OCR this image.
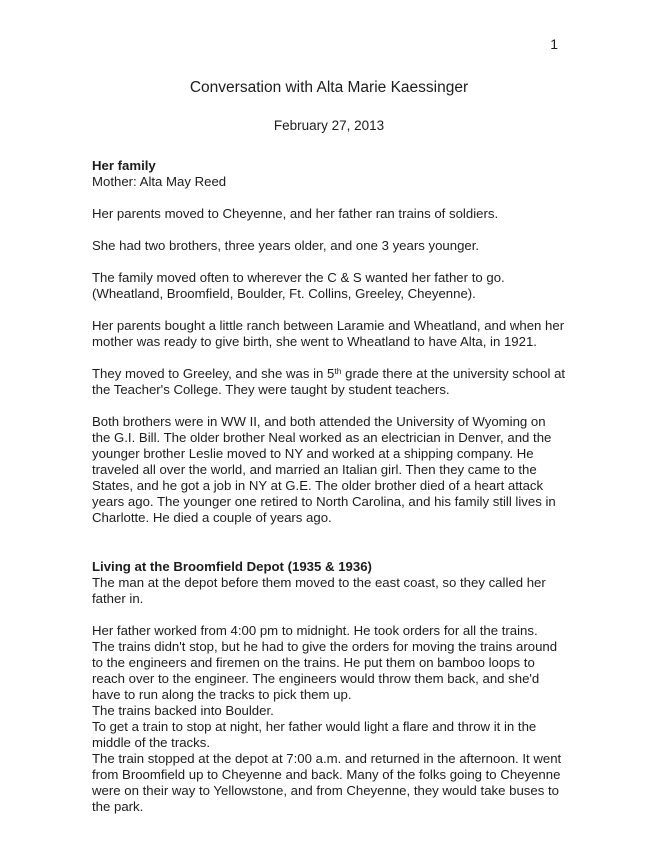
1
Conversation with Alta Marie Kaessinger
February 27, 2013

Her family

Mother: Alta May Reed

Her parents moved to Cheyenne, and her father ran trains of soldiers.

She had two brothers, three years older, and one 3 years younger.

The family moved often to wherever the C & S wanted her father to go.

(Wheatland, Broomfield, Boulder, Ft. Collins, Greeley, Cheyenne).

Her parents bought a little ranch between Laramie and Wheatland, and when her

mother was ready to give birth, she went to Wheatland to have Alta, in 1921.

They moved to Greeley, and she was in 5th grade there at the university school at

the Teacher's College. They were taught by student teachers.

Both brothers were in WW II, and both attended the University of Wyoming on

the G.I. Bill. The older brother Neal worked as an electrician in Denver, and the

younger brother Leslie moved to NY and worked at a shipping company. He

traveled all over the world, and married an Italian girl. Then they came to the

States, and he got a job in NY at G.E. The older brother died of a heart attack

years ago. The younger one retired to North Carolina, and his family still lives in

Charlotte. He died a couple of years ago.

Living at the Broomfield Depot (1935 & 1936)

The man at the depot before them moved to the east coast, so they called her

father in.

Her father worked from 4:00 pm to midnight. He took orders for all the trains.

The trains didn't stop, but he had to give the orders for moving the trains around

to the engineers and firemen on the trains. He put them on bamboo loops to

reach over to the engineer. The engineers would throw them back, and she'd

have to run along the tracks to pick them up.

The trains backed into Boulder.

To get a train to stop at night, her father would light a flare and throw it in the

middle of the tracks.

The train stopped at the depot at 7:00 a.m. and returned in the afternoon. It went

from Broomfield up to Cheyenne and back. Many of the folks going to Cheyenne

were on their way to Yellowstone, and from Cheyenne, they would take buses to

the park.
